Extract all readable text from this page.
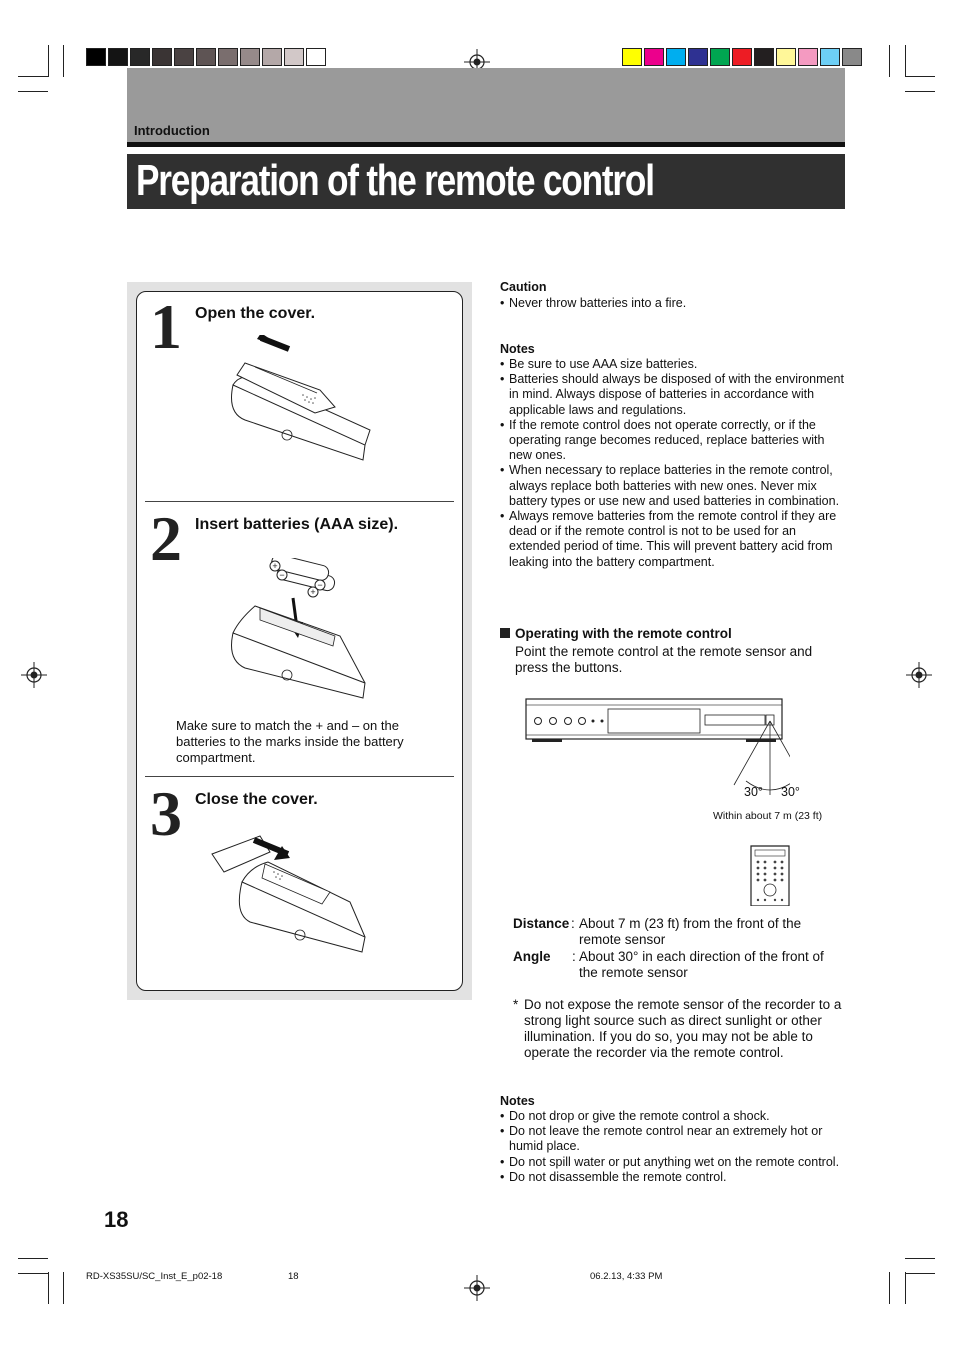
Introduction
Preparation of the remote control
1 Open the cover.
2 Insert batteries (AAA size).
−
+
−
+
Make sure to match the + and – on the batteries to the marks inside the battery compartment.
3 Close the cover.
Caution
• Never throw batteries into a fire.
Notes
• Be sure to use AAA size batteries.
• Batteries should always be disposed of with the environment in mind. Always dispose of batteries in accordance with applicable laws and regulations.
• If the remote control does not operate correctly, or if the operating range becomes reduced, replace batteries with new ones.
• When necessary to replace batteries in the remote control, always replace both batteries with new ones. Never mix battery types or use new and used batteries in combination.
• Always remove batteries from the remote control if they are dead or if the remote control is not to be used for an extended period of time. This will prevent battery acid from leaking into the battery compartment.
Operating with the remote control
Point the remote control at the remote sensor and press the buttons.
30° 30°
Within about 7 m (23 ft)
Distance : About 7 m (23 ft) from the front of the remote sensor
Angle : About 30° in each direction of the front of the remote sensor
* Do not expose the remote sensor of the recorder to a strong light source such as direct sunlight or other illumination. If you do so, you may not be able to operate the recorder via the remote control.
Notes
• Do not drop or give the remote control a shock.
• Do not leave the remote control near an extremely hot or humid place.
• Do not spill water or put anything wet on the remote control.
• Do not disassemble the remote control.
18
RD-XS35SU/SC_Inst_E_p02-18	18	06.2.13, 4:33 PM
